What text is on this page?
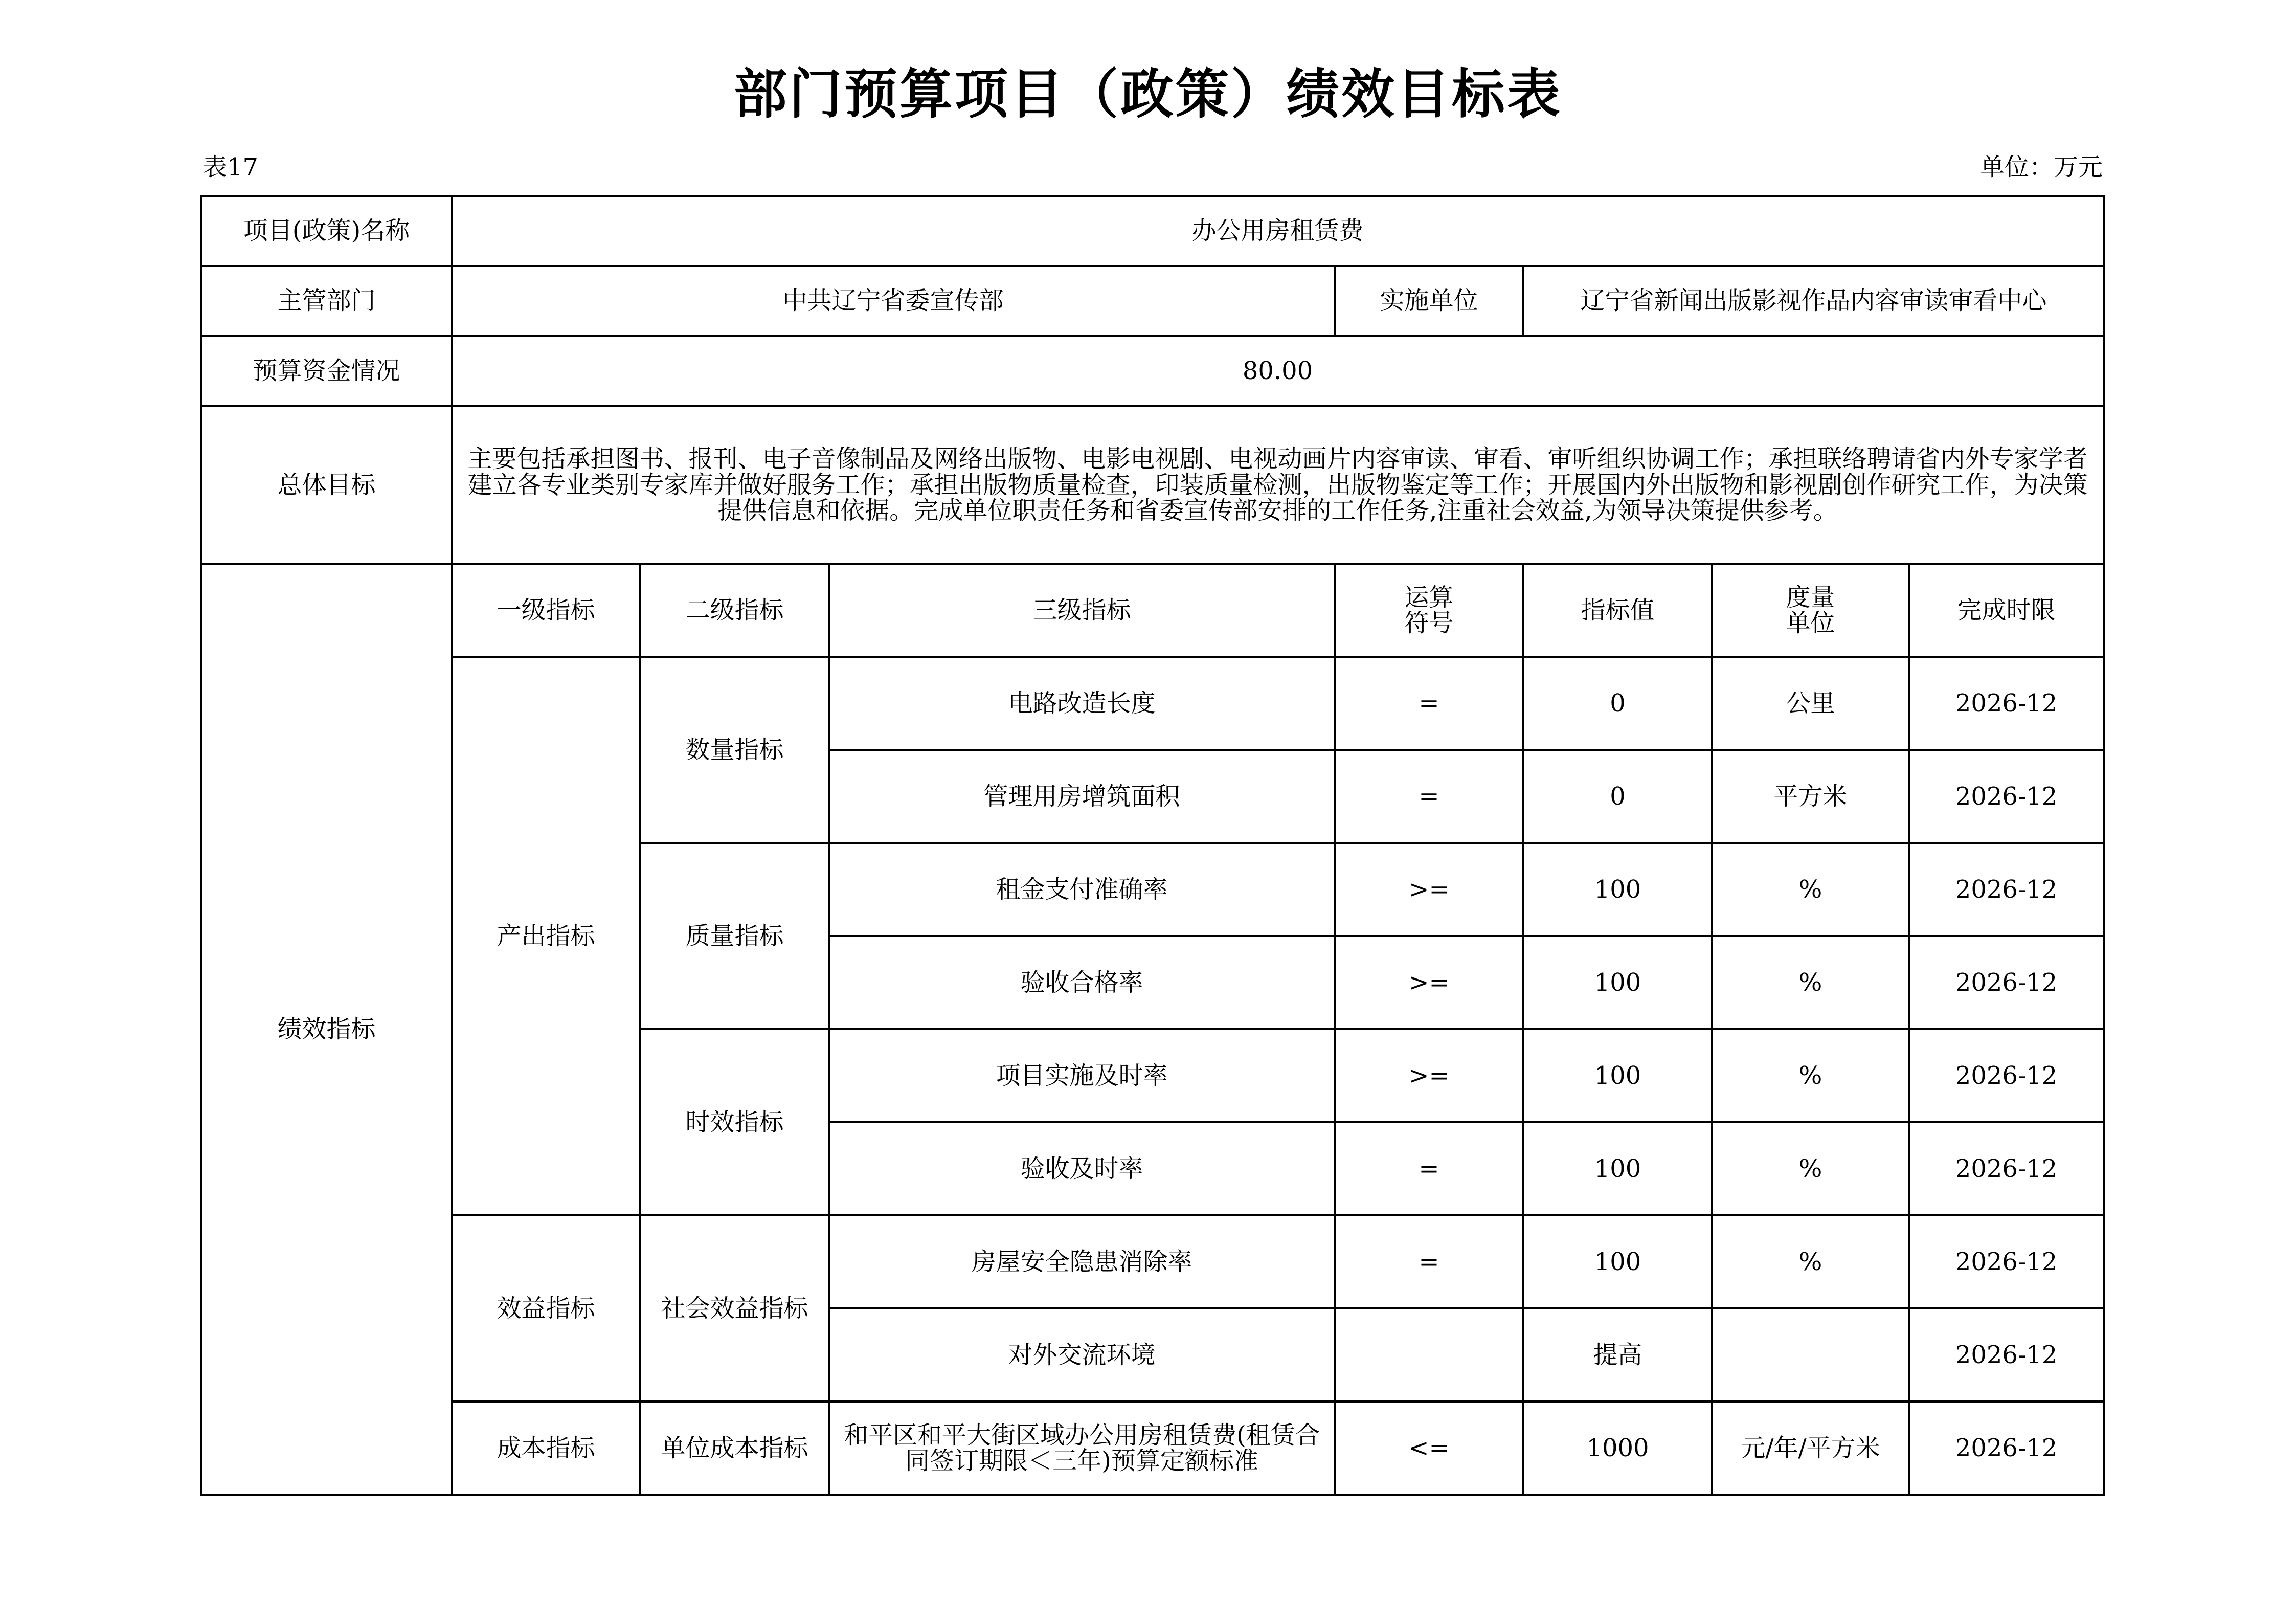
部门预算项目（政策）绩效目标表
表17	单位：万元
项目(政策)名称	办公用房租赁费						
主管部门	中共辽宁省委宣传部			实施单位	辽宁省新闻出版影视作品内容审读审看中心		
预算资金情况	80.00						
总体目标	主要包括承担图书、报刊、电子音像制品及网络出版物、电影电视剧、电视动画片内容审读、审看、审听组织协调工作；承担联络聘请省内外专家学者建立各专业类别专家库并做好服务工作；承担出版物质量检查，印装质量检测，出版物鉴定等工作；开展国内外出版物和影视剧创作研究工作，为决策提供信息和依据。完成单位职责任务和省委宣传部安排的工作任务,注重社会效益,为领导决策提供参考。						
绩效指标	一级指标	二级指标	三级指标	运算符号	指标值	度量单位	完成时限
	产出指标	数量指标	电路改造长度	=	0	公里	2026-12
			管理用房增筑面积	=	0	平方米	2026-12
		质量指标	租金支付准确率	>=	100	%	2026-12
			验收合格率	>=	100	%	2026-12
		时效指标	项目实施及时率	>=	100	%	2026-12
			验收及时率	=	100	%	2026-12
	效益指标	社会效益指标	房屋安全隐患消除率	=	100	%	2026-12
			对外交流环境		提高		2026-12
	成本指标	单位成本指标	和平区和平大街区域办公用房租赁费(租赁合同签订期限＜三年)预算定额标准	<=	1000	元/年/平方米	2026-12
